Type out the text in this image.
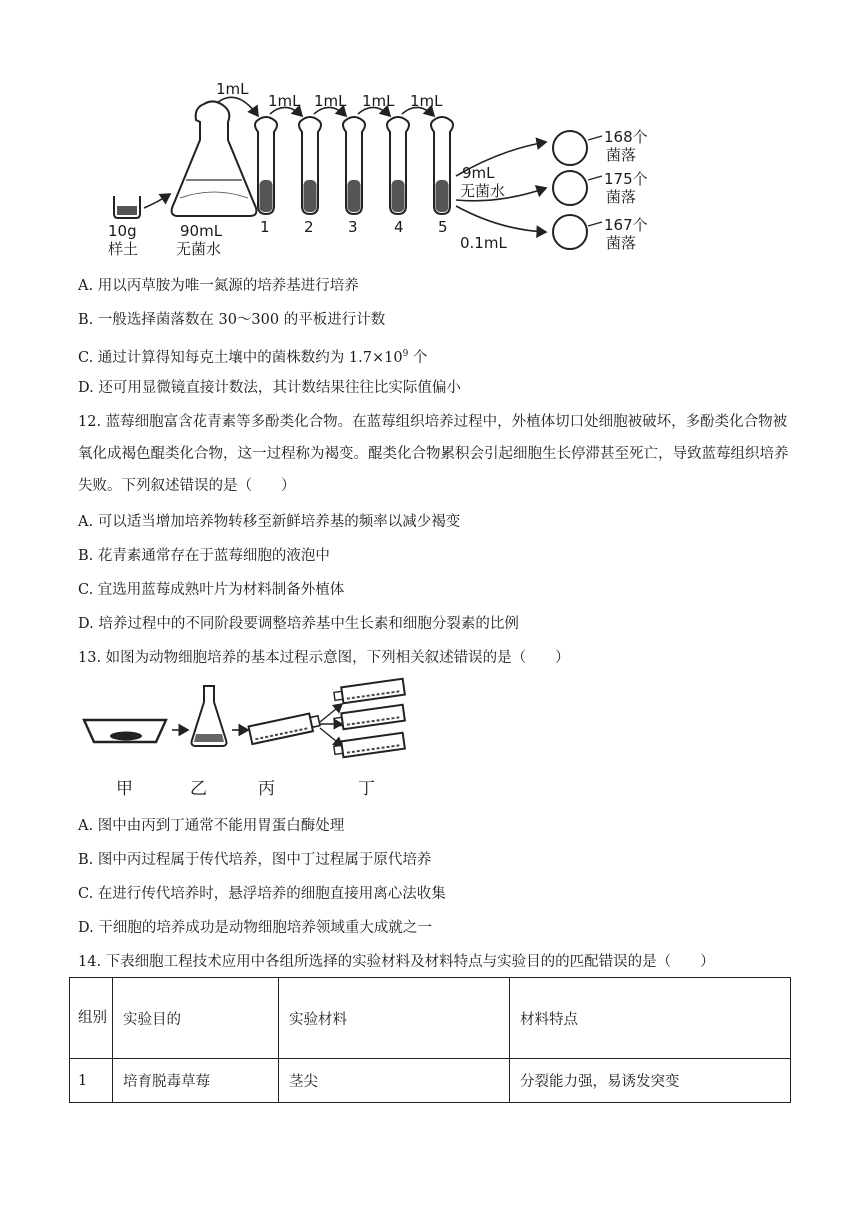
10g
样土
90mL
无菌水
1mL
1mL 1mL 1mL 1mL
1 2 3 4 5
9mL
无菌水
0.1mL
168个
菌落
175个
菌落
167个
菌落
A. 用以丙草胺为唯一氮源的培养基进行培养
B. 一般选择菌落数在 30～300 的平板进行计数
C. 通过计算得知每克土壤中的菌株数约为 $1.7\times 10^9$ 个
D. 还可用显微镜直接计数法，其计数结果往往比实际值偏小
12. 蓝莓细胞富含花青素等多酚类化合物。在蓝莓组织培养过程中，外植体切口处细胞被破坏，多酚类化合物被氧化成褐色醌类化合物，这一过程称为褐变。醌类化合物累积会引起细胞生长停滞甚至死亡，导致蓝莓组织培养失败。下列叙述错误的是（　　）
A. 可以适当增加培养物转移至新鲜培养基的频率以减少褐变
B. 花青素通常存在于蓝莓细胞的液泡中
C. 宜选用蓝莓成熟叶片为材料制备外植体
D. 培养过程中的不同阶段要调整培养基中生长素和细胞分裂素的比例
13. 如图为动物细胞培养的基本过程示意图，下列相关叙述错误的是（　　）
甲	乙	丙	丁
A. 图中由丙到丁通常不能用胃蛋白酶处理
B. 图中丙过程属于传代培养，图中丁过程属于原代培养
C. 在进行传代培养时，悬浮培养的细胞直接用离心法收集
D. 干细胞的培养成功是动物细胞培养领域重大成就之一
14. 下表细胞工程技术应用中各组所选择的实验材料及材料特点与实验目的的匹配错误的是（　　）
组别	实验目的	实验材料	材料特点
1	培育脱毒草莓	茎尖	分裂能力强，易诱发突变
